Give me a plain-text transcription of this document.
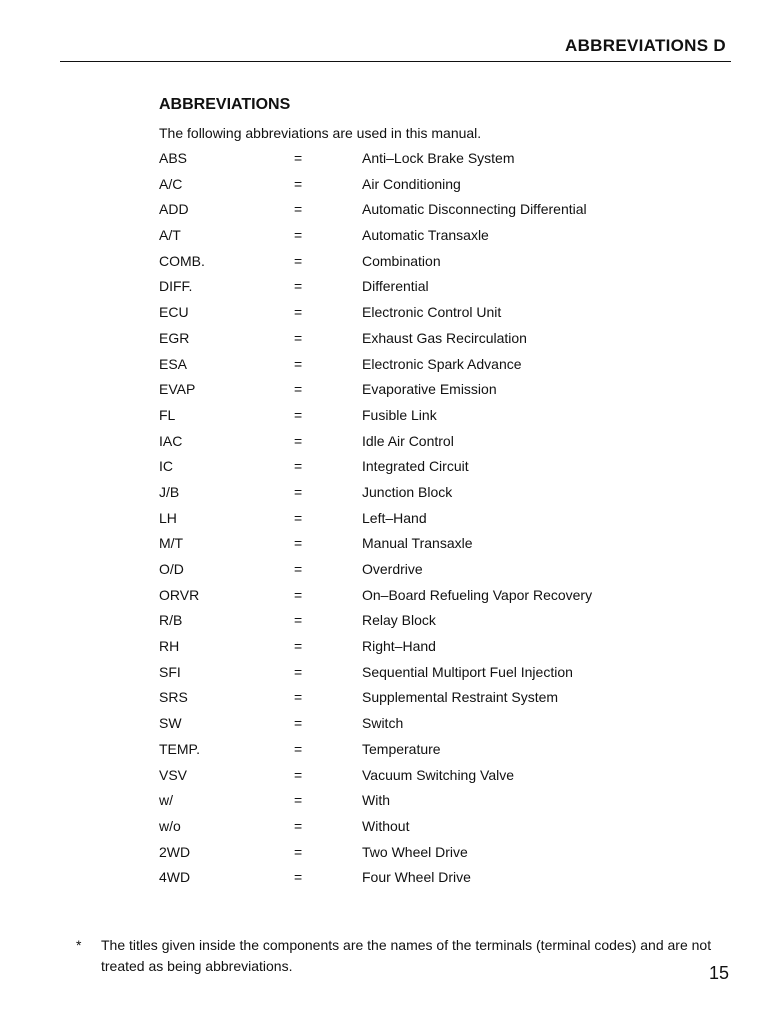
ABBREVIATIONS D
ABBREVIATIONS
The following abbreviations are used in this manual.
ABS	=	Anti–Lock Brake System
A/C	=	Air Conditioning
ADD	=	Automatic Disconnecting Differential
A/T	=	Automatic Transaxle
COMB.	=	Combination
DIFF.	=	Differential
ECU	=	Electronic Control Unit
EGR	=	Exhaust Gas Recirculation
ESA	=	Electronic Spark Advance
EVAP	=	Evaporative Emission
FL	=	Fusible Link
IAC	=	Idle Air Control
IC	=	Integrated Circuit
J/B	=	Junction Block
LH	=	Left–Hand
M/T	=	Manual Transaxle
O/D	=	Overdrive
ORVR	=	On–Board Refueling Vapor Recovery
R/B	=	Relay Block
RH	=	Right–Hand
SFI	=	Sequential Multiport Fuel Injection
SRS	=	Supplemental Restraint System
SW	=	Switch
TEMP.	=	Temperature
VSV	=	Vacuum Switching Valve
w/	=	With
w/o	=	Without
2WD	=	Two Wheel Drive
4WD	=	Four Wheel Drive
* The titles given inside the components are the names of the terminals (terminal codes) and are not treated as being abbreviations.	15
